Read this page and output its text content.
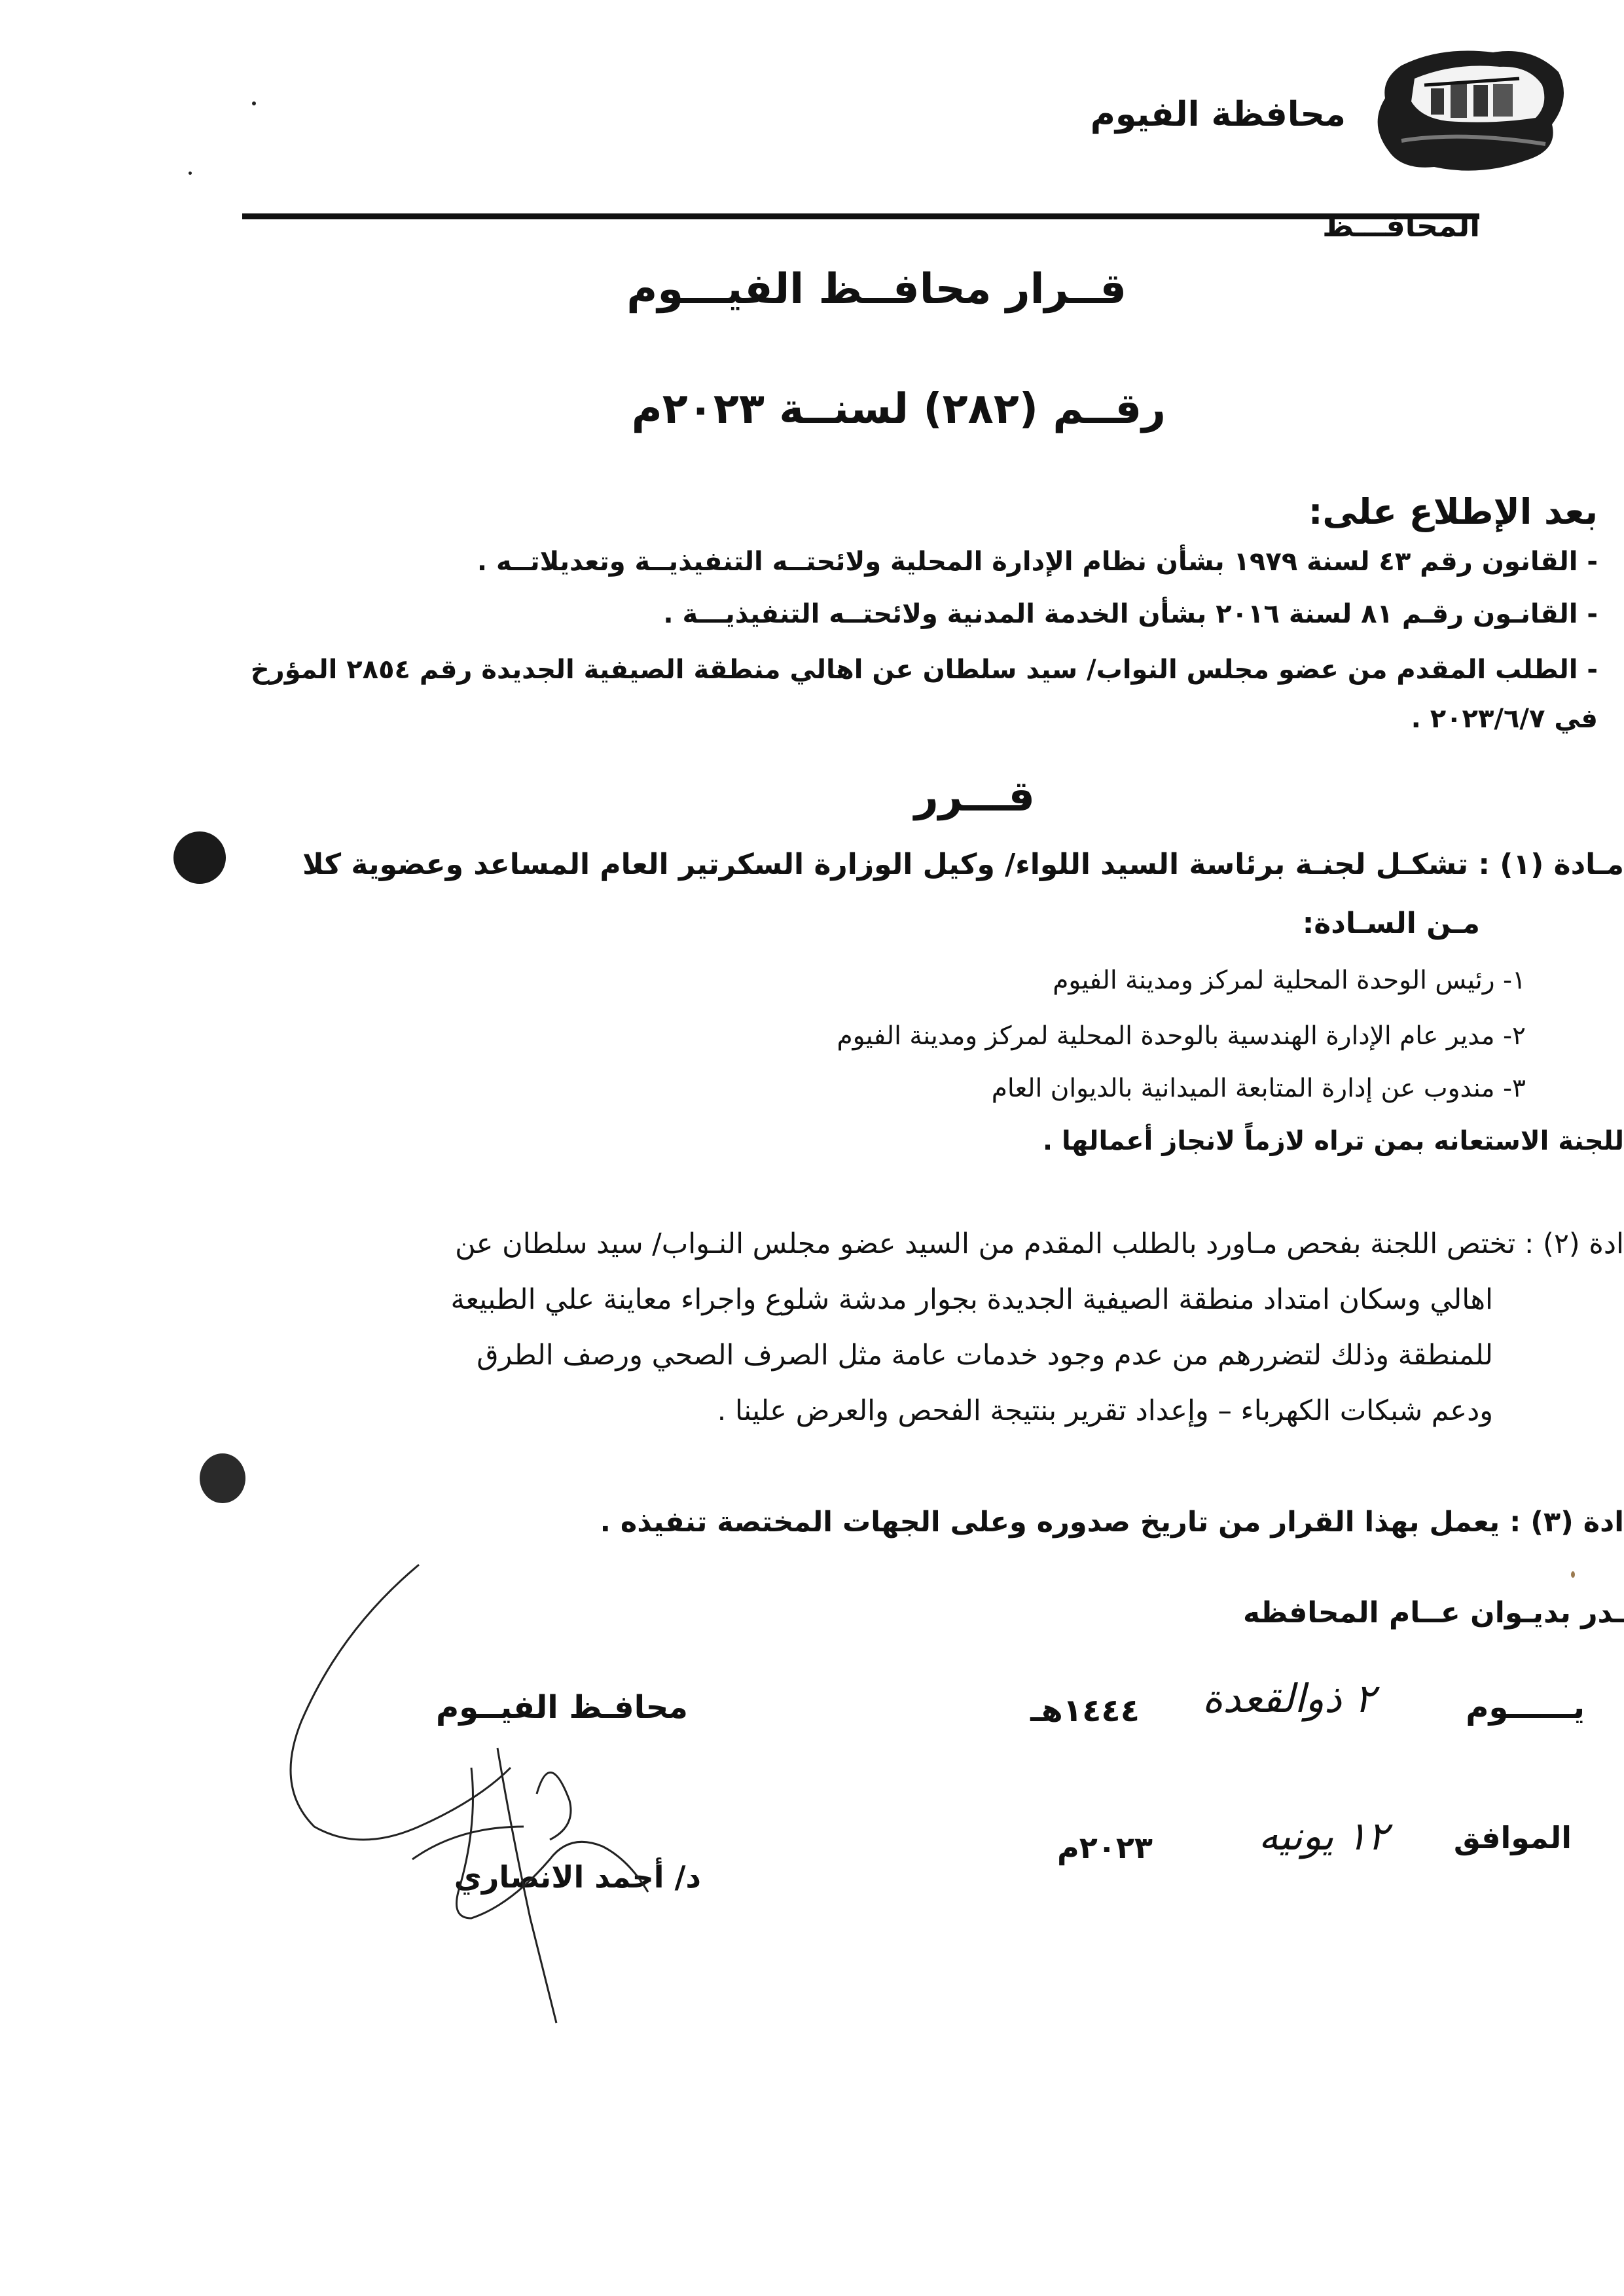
محافظة الفيوم
المحافـــظ
قــرار محافــظ الفيـــوم
رقــم (٢٨٢) لسنــة ٢٠٢٣م
بعد الإطلاع على:
- القانون رقم ٤٣ لسنة ١٩٧٩ بشأن نظام الإدارة المحلية ولائحتــه التنفيذيــة وتعديلاتــه .
- القانـون رقـم ٨١ لسنة ٢٠١٦ بشأن الخدمة المدنية ولائحتــه التنفيذيـــة .
- الطلب المقدم من عضو مجلس النواب/ سيد سلطان عن اهالي منطقة الصيفية الجديدة رقم ٢٨٥٤ المؤرخ
في ٢٠٢٣/٦/٧ .
قـــرر
مـادة (١) : تشكـل لجنـة برئاسة السيد اللواء/ وكيل الوزارة السكرتير العام المساعد وعضوية كلا
مـن السـادة:
١- رئيس الوحدة المحلية لمركز ومدينة الفيوم
٢- مدير عام الإدارة الهندسية بالوحدة المحلية لمركز ومدينة الفيوم
٣- مندوب عن إدارة المتابعة الميدانية بالديوان العام
للجنة الاستعانه بمن تراه لازماً لانجاز أعمالها .
ادة (٢) : تختص اللجنة بفحص مـاورد بالطلب المقدم من السيد عضو مجلس النـواب/ سيد سلطان عن
اهالي وسكان امتداد منطقة الصيفية الجديدة بجوار مدشة شلوع واجراء معاينة علي الطبيعة
للمنطقة وذلك لتضررهم من عدم وجود خدمات عامة مثل الصرف الصحي ورصف الطرق
ودعم شبكات الكهرباء – وإعداد تقرير بنتيجة الفحص والعرض علينا .
ادة (٣) : يعمل بهذا القرار من تاريخ صدوره وعلى الجهات المختصة تنفيذه .
ـدر بديـوان عــام المحافظه
يــــــوم
٢ ذوالقعدة
١٤٤٤هـ
الموافق
١٢ يونيه
٢٠٢٣م
محافـظ الفيــوم
د/ أحمد الانصاري
